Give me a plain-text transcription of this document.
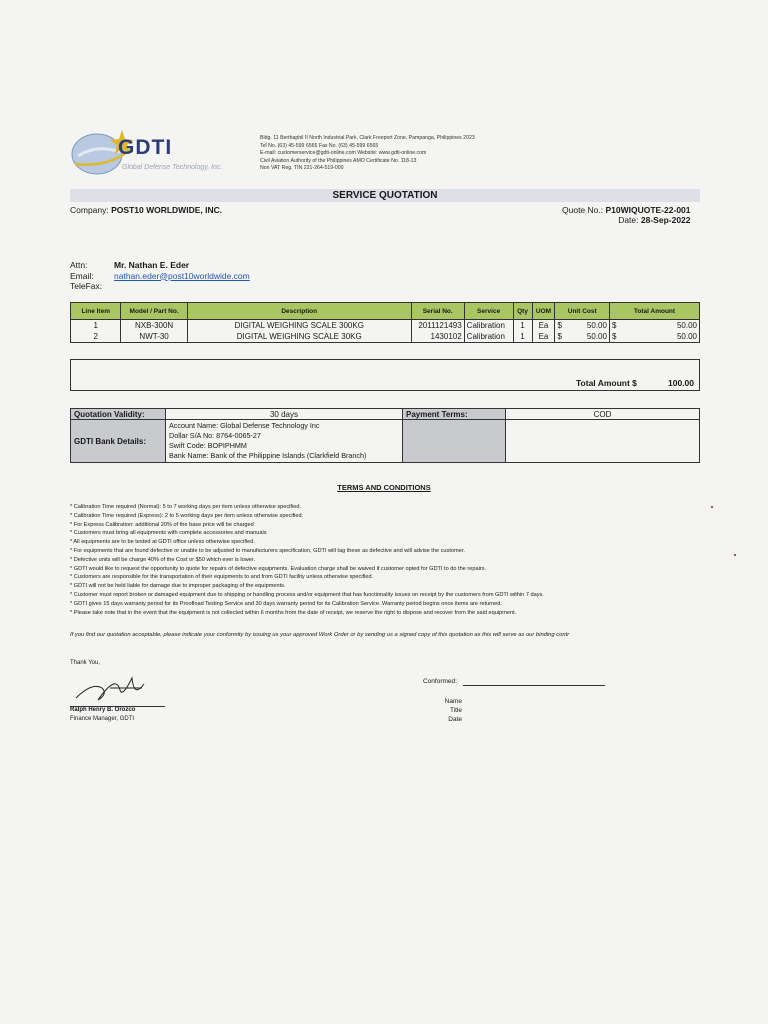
GDTI
Global Defense Technology, Inc.
Bldg. 11 Berthaphil II North Industrial Park, Clark Freeport Zone, Pampanga, Philippines 2023
Tel No. (63) 45-599 6565 Fax No. (63) 45-599 6565
E-mail: customerservice@gdti-online.com Website: www.gdti-online.com
Civil Aviation Authority of the Philippines AMO Certificate No. 118-13
Non VAT Reg. TIN 221-264-519-000
SERVICE QUOTATION
Company: POST10 WORLDWIDE, INC.	Quote No.: P10WIQUOTE-22-001
Date: 28-Sep-2022
Attn:	Mr. Nathan E. Eder
Email: nathan.eder@post10worldwide.com
TeleFax:
Line Item	Model / Part No.	Description	Serial No.	Service	Qty	UOM	Unit Cost	Total Amount
1	NXB-300N	DIGITAL WEIGHING SCALE 300KG	2011121493	Calibration	1	Ea	$ 50.00	$ 50.00

2	NWT-30	DIGITAL WEIGHING SCALE 30KG	1430102	Calibration	1	Ea	$ 50.00	$ 50.00
Total Amount $	100.00
Quotation Validity:	30 days	Payment Terms:	COD
GDTI Bank Details:	Account Name: Global Defense Technology Inc
Dollar S/A No: 8764-0065-27
Swift Code: BOPIPHMM
Bank Name: Bank of the Philippine Islands (Clarkfield Branch)		

TERMS AND CONDITIONS
* Calibration Time required (Normal): 5 to 7 working days per item unless otherwise specified.
* Calibration Time required (Express): 2 to 5 working days per item unless otherwise specified.
* For Express Calibration: additional 20% of the base price will be charged
* Customers must bring all equipments with complete accessories and manuals
* All equipments are to be tested at GDTI office unless otherwise specified.
* For equipments that are found defective or unable to be adjusted to manufacturers specification, GDTI will tag these as defective and will advise the customer.
* Defective units will be charge 40% of the Cost or $50 which ever is lower.
* GDTI would like to request the opportunity to quote for repairs of defective equipments. Evaluation charge shall be waived if customer opted for GDTI to do the repairs.
* Customers are responsible for the transportation of their equipments to and from GDTI facility unless otherwise specified.
* GDTI will not be held liable for damage due to improper packaging of the equipments.
* Customer must report broken or damaged equipment due to shipping or handling process and/or equipment that has functionality issues on receipt by the customers from GDTI within 7 days.
* GDTI gives 15 days warranty period for its Proofload Testing Service and 30 days warranty period for its Calibration Service. Warranty period begins once items are returned.
* Please take note that in the event that the equipment is not collected within 6 months from the date of receipt, we reserve the right to dispose and recover from the said equipment.
If you find our quotation acceptable, please indicate your conformity by issuing us your approved Work Order or by sending us a signed copy of this quotation as this will serve as our binding contr
Thank You,
Ralph Henry B. Orozco
Finance Manager, GDTI
Conformed:
Name
Title
Date
